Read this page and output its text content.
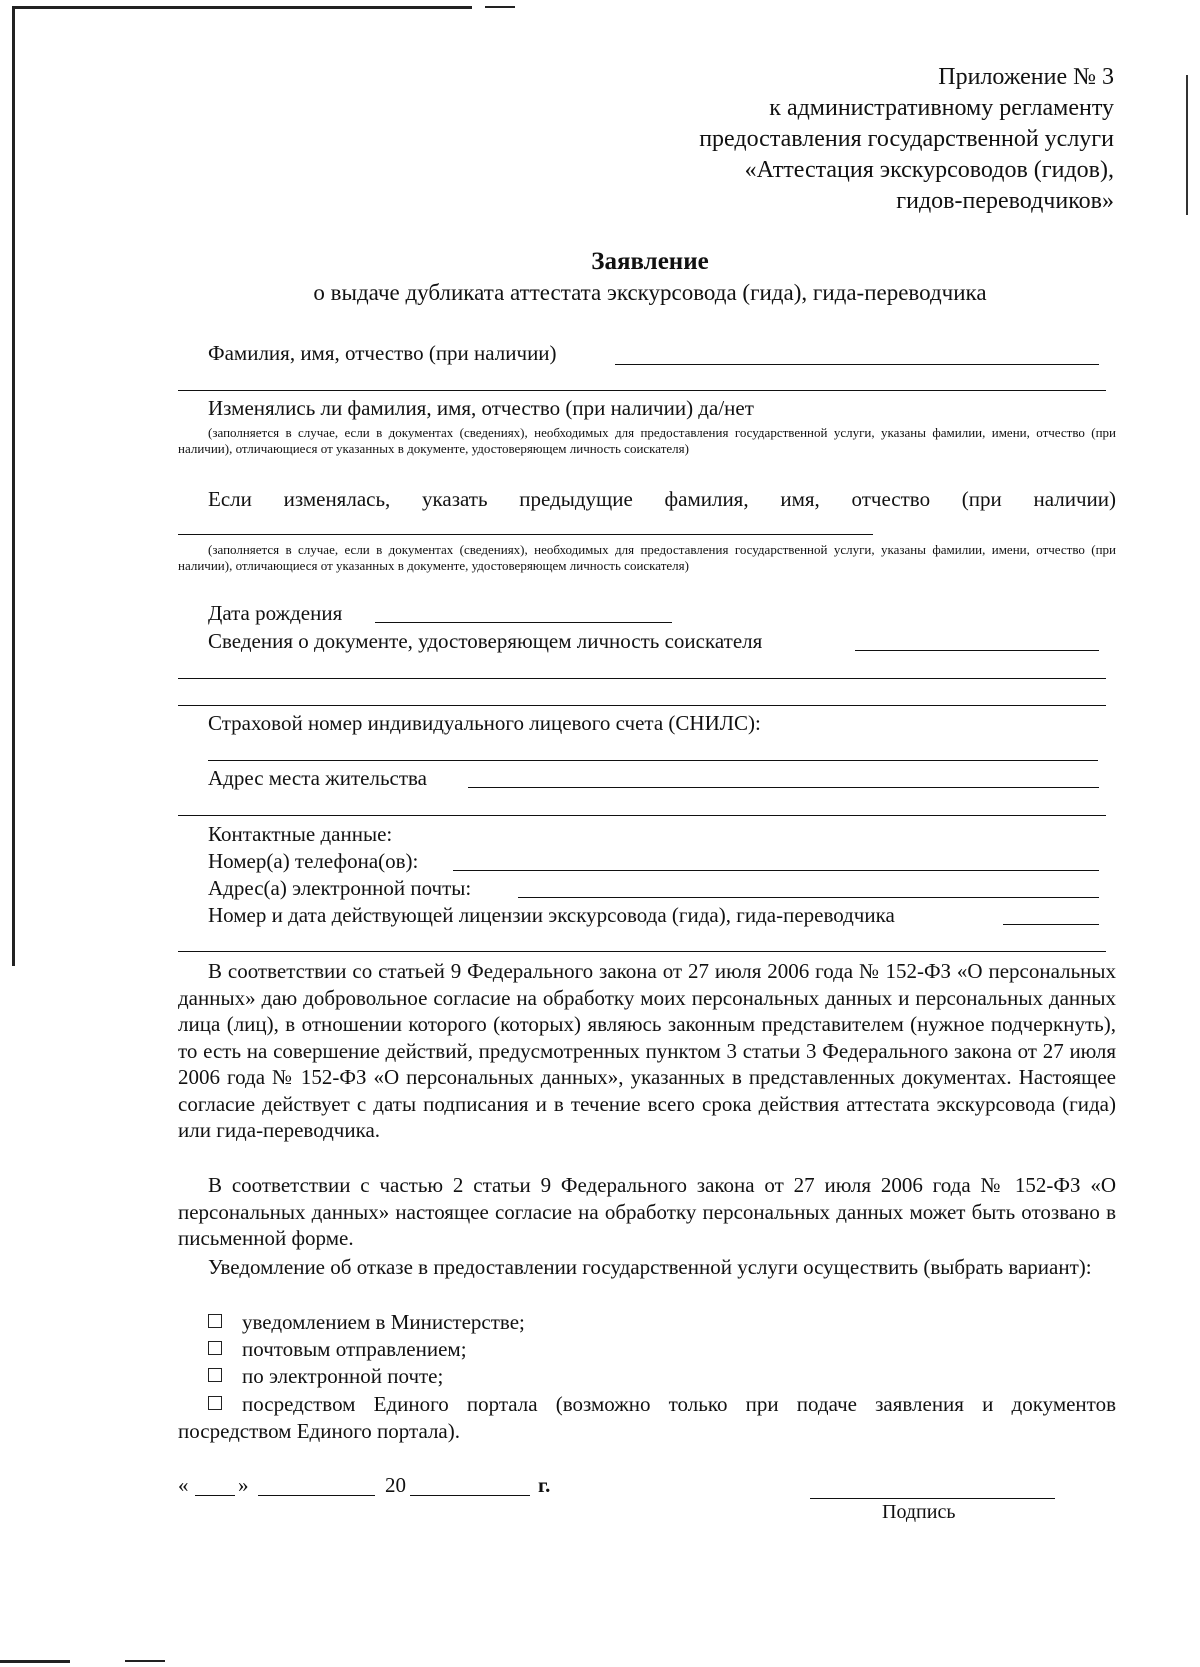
Приложение № 3
к административному регламенту
предоставления государственной услуги
«Аттестация экскурсоводов (гидов),
гидов-переводчиков»
Заявление
о выдаче дубликата аттестата экскурсовода (гида), гида-переводчика
Фамилия, имя, отчество (при наличии)
Изменялись ли фамилия, имя, отчество (при наличии) да/нет
(заполняется в случае, если в документах (сведениях), необходимых для предоставления государственной услуги, указаны фамилии, имени, отчество (при наличии), отличающиеся от указанных в документе, удостоверяющем личность соискателя)
Если изменялась, указать предыдущие фамилия, имя, отчество (при наличии)
(заполняется в случае, если в документах (сведениях), необходимых для предоставления государственной услуги, указаны фамилии, имени, отчество (при наличии), отличающиеся от указанных в документе, удостоверяющем личность соискателя)
Дата рождения
Сведения о документе, удостоверяющем личность соискателя
Страховой номер индивидуального лицевого счета (СНИЛС):
Адрес места жительства
Контактные данные:
Номер(а) телефона(ов):
Адрес(а) электронной почты:
Номер и дата действующей лицензии экскурсовода (гида), гида-переводчика
В соответствии со статьей 9 Федерального закона от 27 июля 2006 года № 152-ФЗ «О персональных данных» даю добровольное согласие на обработку моих персональных данных и персональных данных лица (лиц), в отношении которого (которых) являюсь законным представителем (нужное подчеркнуть), то есть на совершение действий, предусмотренных пунктом 3 статьи 3 Федерального закона от 27 июля 2006 года № 152-ФЗ «О персональных данных», указанных в представленных документах. Настоящее согласие действует с даты подписания и в течение всего срока действия аттестата экскурсовода (гида) или гида-переводчика.
В соответствии с частью 2 статьи 9 Федерального закона от 27 июля 2006 года № 152-ФЗ «О персональных данных» настоящее согласие на обработку персональных данных может быть отозвано в письменной форме.
Уведомление об отказе в предоставлении государственной услуги осуществить (выбрать вариант):
уведомлением в Министерстве;
почтовым отправлением;
по электронной почте;
посредством Единого портала (возможно только при подаче заявления и документов посредством Единого портала).
« »	20	г.
Подпись
